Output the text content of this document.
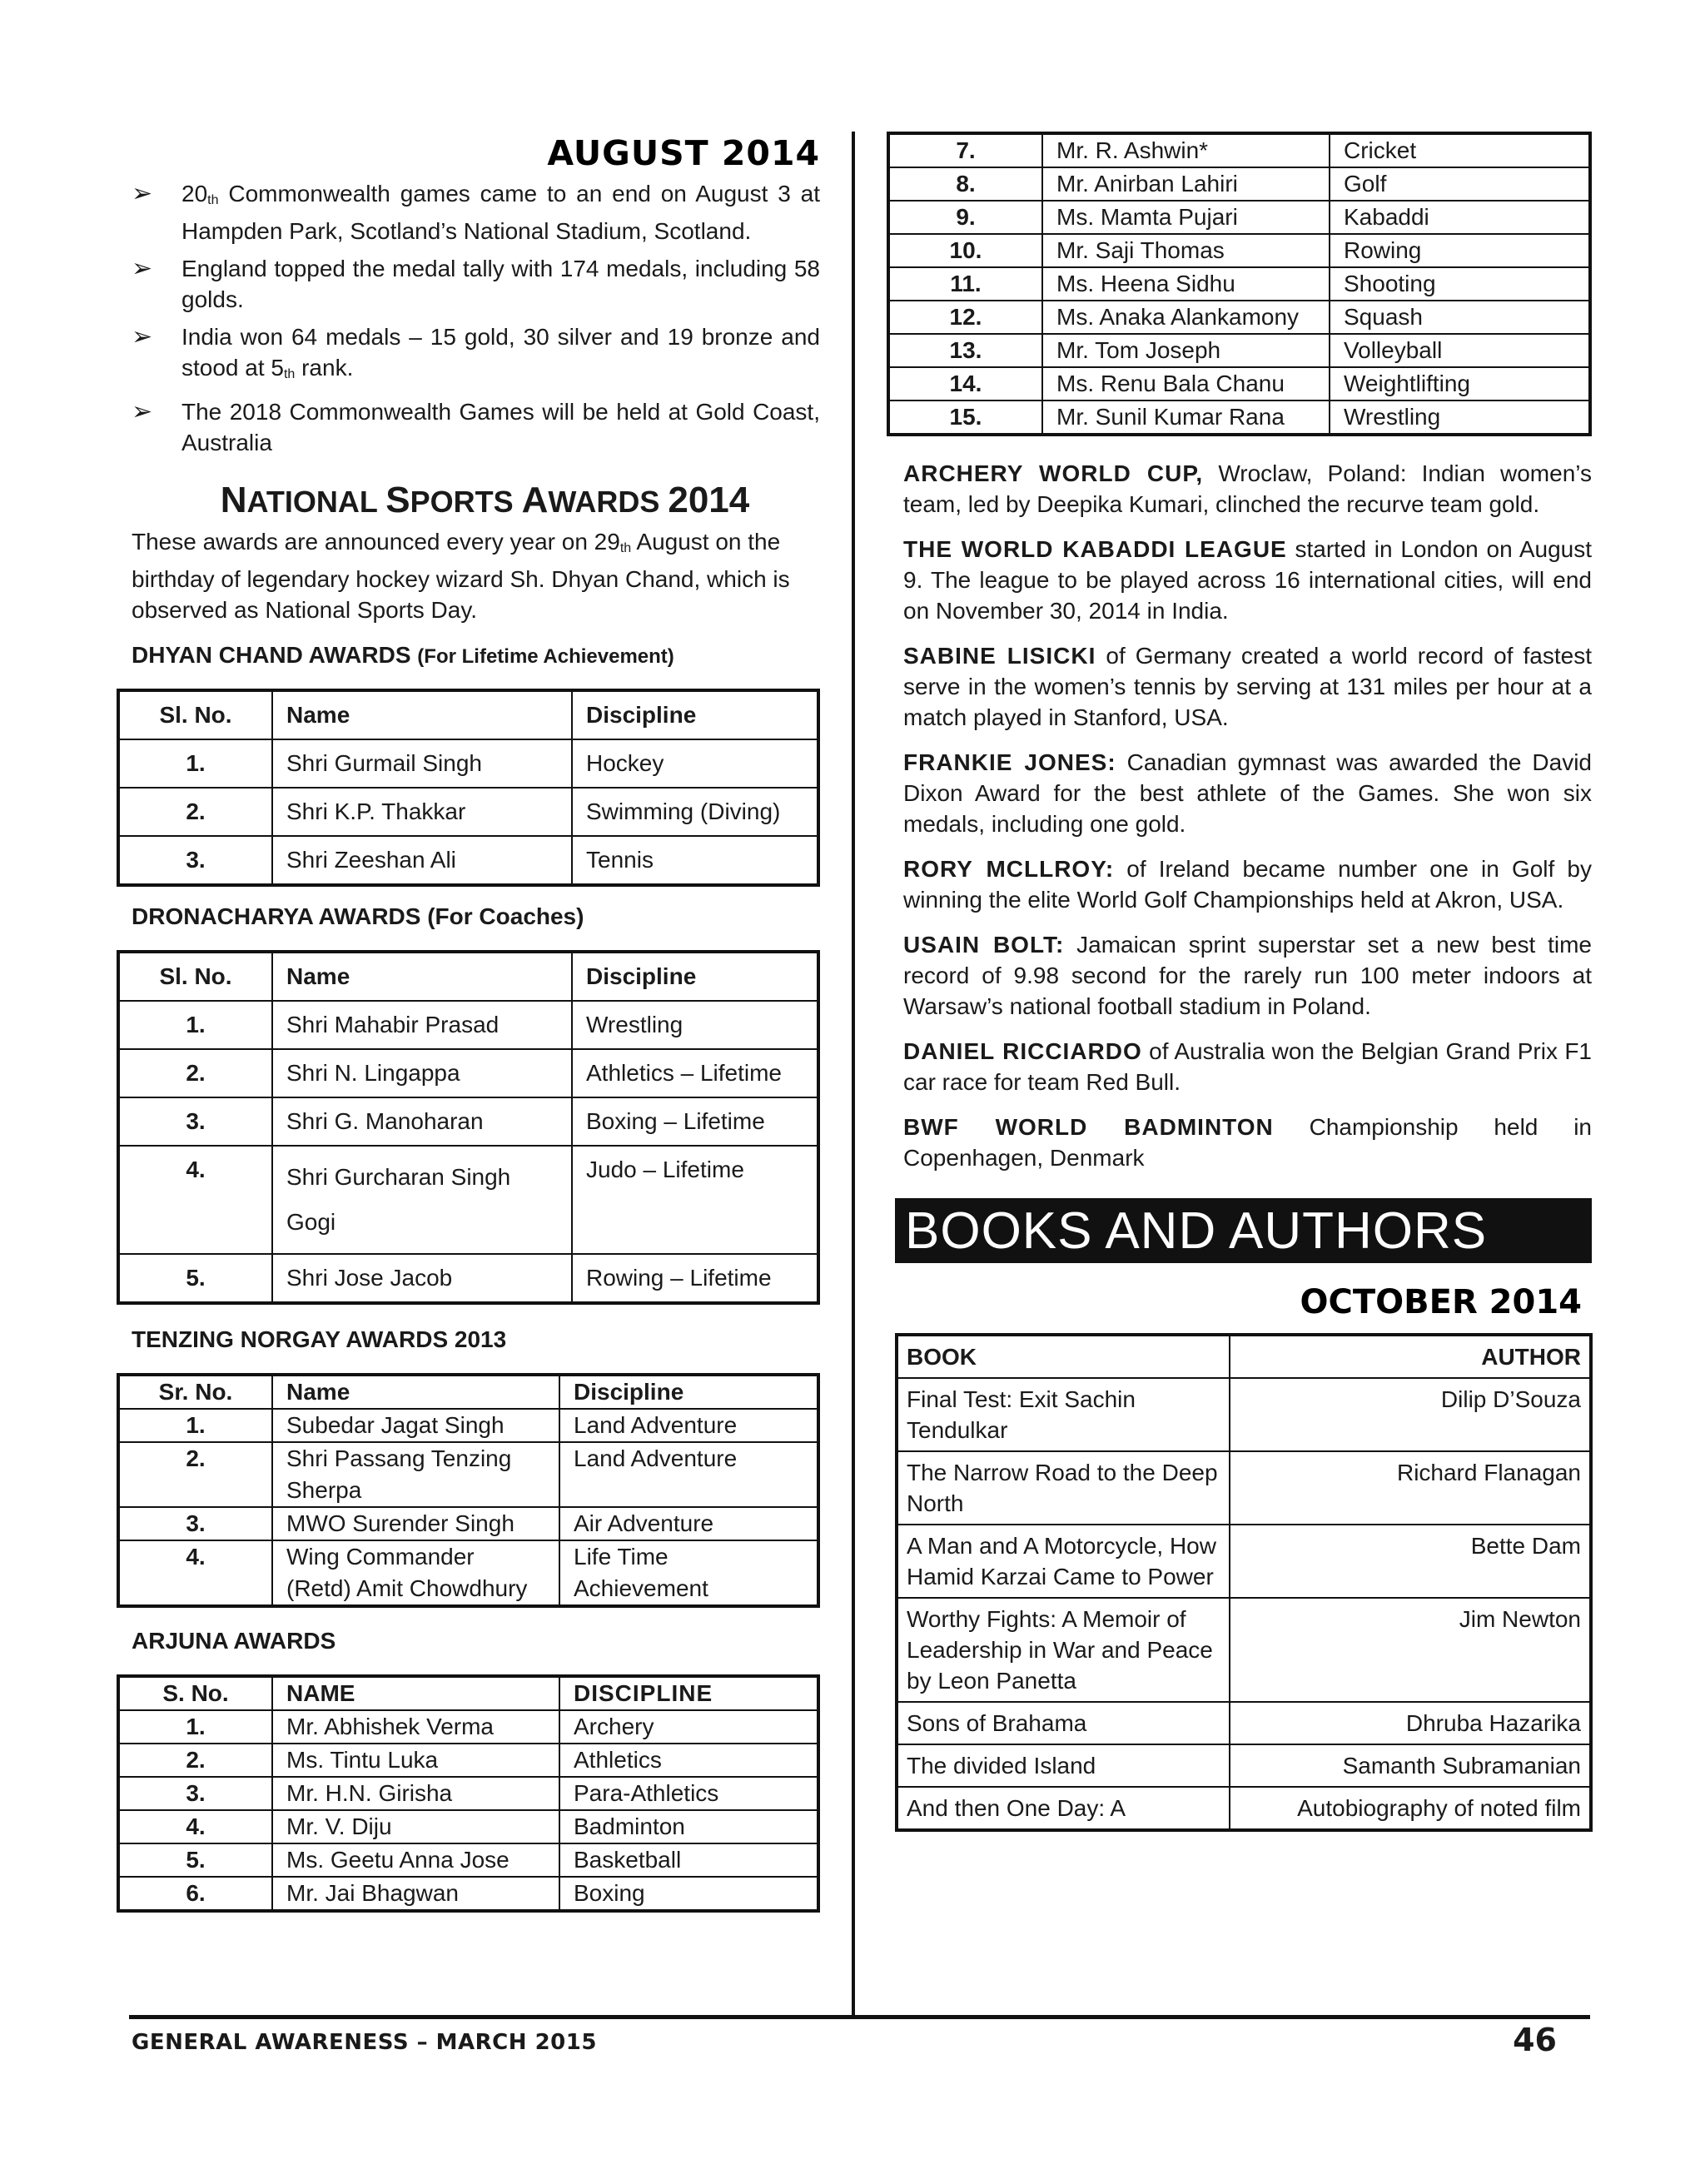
AUGUST 2014
➢ $20_{th}$ Commonwealth games came to an end on August 3 at Hampden Park, Scotland’s National Stadium, Scotland.
➢ England topped the medal tally with 174 medals, including 58 golds.
➢ India won 64 medals – 15 gold, 30 silver and 19 bronze and stood at $5_{th}$ rank.
➢ The 2018 Commonwealth Games will be held at Gold Coast, Australia
NATIONAL SPORTS AWARDS 2014

These awards are announced every year on $29_{th}$ August on the birthday of legendary hockey wizard Sh. Dhyan Chand, which is observed as National Sports Day.

DHYAN CHAND AWARDS (For Lifetime Achievement)
Sl. No.	Name	Discipline
1.	Shri Gurmail Singh	Hockey
2.	Shri K.P. Thakkar	Swimming (Diving)
3.	Shri Zeeshan Ali	Tennis
DRONACHARYA AWARDS (For Coaches)
Sl. No.	Name	Discipline
1.	Shri Mahabir Prasad	Wrestling
2.	Shri N. Lingappa	Athletics – Lifetime
3.	Shri G. Manoharan	Boxing – Lifetime
4.	Shri Gurcharan Singh Gogi	Judo – Lifetime
5.	Shri Jose Jacob	Rowing – Lifetime
TENZING NORGAY AWARDS 2013
Sr. No.	Name	Discipline
1.	Subedar Jagat Singh	Land Adventure
2.	Shri Passang Tenzing Sherpa	Land Adventure
3.	MWO Surender Singh	Air Adventure
4.	Wing Commander (Retd) Amit Chowdhury	Life Time Achievement
ARJUNA AWARDS
S. No.	NAME	DISCIPLINE
1.	Mr. Abhishek Verma	Archery
2.	Ms. Tintu Luka	Athletics
3.	Mr. H.N. Girisha	Para-Athletics
4.	Mr. V. Diju	Badminton
5.	Ms. Geetu Anna Jose	Basketball
6.	Mr. Jai Bhagwan	Boxing
7.	Mr. R. Ashwin*	Cricket
8.	Mr. Anirban Lahiri	Golf
9.	Ms. Mamta Pujari	Kabaddi
10.	Mr. Saji Thomas	Rowing
11.	Ms. Heena Sidhu	Shooting
12.	Ms. Anaka Alankamony	Squash
13.	Mr. Tom Joseph	Volleyball
14.	Ms. Renu Bala Chanu	Weightlifting
15.	Mr. Sunil Kumar Rana	Wrestling

ARCHERY WORLD CUP, Wroclaw, Poland: Indian women’s team, led by Deepika Kumari, clinched the recurve team gold.

THE WORLD KABADDI LEAGUE started in London on August 9. The league to be played across 16 international cities, will end on November 30, 2014 in India.

SABINE LISICKI of Germany created a world record of fastest serve in the women’s tennis by serving at 131 miles per hour at a match played in Stanford, USA.

FRANKIE JONES: Canadian gymnast was awarded the David Dixon Award for the best athlete of the Games. She won six medals, including one gold.

RORY MCLLROY: of Ireland became number one in Golf by winning the elite World Golf Championships held at Akron, USA.

USAIN BOLT: Jamaican sprint superstar set a new best time record of 9.98 second for the rarely run 100 meter indoors at Warsaw’s national football stadium in Poland.

DANIEL RICCIARDO of Australia won the Belgian Grand Prix F1 car race for team Red Bull.

BWF WORLD BADMINTON Championship held in Copenhagen, Denmark

BOOKS AND AUTHORS
OCTOBER 2014
BOOK	AUTHOR
Final Test: Exit Sachin Tendulkar	Dilip D’Souza
The Narrow Road to the Deep North	Richard Flanagan
A Man and A Motorcycle, How Hamid Karzai Came to Power	Bette Dam
Worthy Fights: A Memoir of Leadership in War and Peace by Leon Panetta	Jim Newton
Sons of Brahama	Dhruba Hazarika
The divided Island	Samanth Subramanian
And then One Day: A	Autobiography of noted film
GENERAL AWARENESS – MARCH 2015	46
